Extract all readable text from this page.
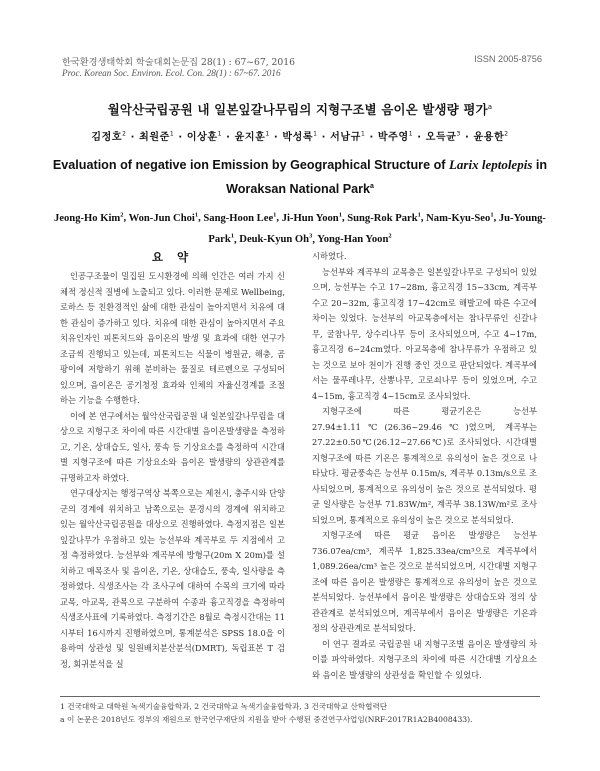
한국환경생태학회 학술대회논문집 28(1) : 67~67, 2016	ISSN 2005-8756
Proc. Korean Soc. Environ. Ecol. Con. 28(1) : 67~67. 2016
월악산국립공원 내 일본잎갈나무림의 지형구조별 음이온 발생량 평가$^a$
김정호$^2$ · 최원준$^1$ · 이상훈$^1$ · 윤지훈$^1$ · 박성록$^1$ · 서남규$^1$ · 박주영$^1$ · 오득균$^3$ · 윤용한$^2$
Evaluation of negative ion Emission by Geographical Structure of Larix leptolepis in Woraksan National Park$^a$
Jeong-Ho Kim$^2$, Won-Jun Choi$^1$, Sang-Hoon Lee$^1$, Ji-Hun Yoon$^1$, Sung-Rok Park$^1$, Nam-Kyu-Seo$^1$, Ju-Young-Park$^1$, Deuk-Kyun Oh$^3$, Yong-Han Yoon$^2$
요 약

인공구조물이 밀집된 도시환경에 의해 인간은 여러 가지 신체적 정신적 질병에 노출되고 있다. 이러한 문제로 Wellbeing, 로하스 등 친환경적인 삶에 대한 관심이 높아지면서 치유에 대한 관심이 증가하고 있다. 치유에 대한 관심이 높아지면서 주요 치유인자인 피톤치드와 음이온의 발생 및 효과에 대한 연구가 조금씩 진행되고 있는데, 피톤치드는 식물이 병원균, 해충, 곰팡이에 저항하기 위해 분비하는 물질로 테르펜으로 구성되어 있으며, 음이온은 공기청정 효과와 인체의 자율신경계를 조절하는 기능을 수행한다.

이에 본 연구에서는 월악산국립공원 내 일본잎갈나무림을 대상으로 지형구조 차이에 따른 시간대별 음이온발생량을 측정하고, 기온, 상대습도, 일사, 풍속 등 기상요소를 측정하여 시간대별 지형구조에 따른 기상요소와 음이온 발생량의 상관관계를 규명하고자 하였다.

연구대상지는 행정구역상 북쪽으로는 제천시, 충주시와 단양군의 경계에 위치하고 남쪽으로는 문경시의 경계에 위치하고 있는 월악산국립공원을 대상으로 진행하였다. 측정지점은 일본잎갈나무가 우점하고 있는 능선부와 계곡부로 두 지점에서 고정 측정하였다. 능선부와 계곡부에 방형구(20m X 20m)를 설치하고 매목조사 및 음이온, 기온, 상대습도, 풍속, 일사량을 측정하였다. 식생조사는 각 조사구에 대하여 수목의 크기에 따라 교목, 아교목, 관목으로 구분하여 수종과 흉고직경을 측정하여 식생조사표에 기록하였다. 측정기간은 8월로 측정시간대는 11시부터 16시까지 진행하였으며, 통계분석은 SPSS 18.0을 이용하여 상관성 및 일원배치분산분석(DMRT), 독립표본 T 검정, 회귀분석을 실

시하였다.

능선부와 계곡부의 교목층은 일본잎갈나무로 구성되어 있었으며, 능선부는 수고 17~28m, 흉고직경 15~33cm, 계곡부 수고 20~32m, 흉고직경 17~42cm로 해발고에 따른 수고에 차이는 있었다. 능선부의 아교목층에서는 참나무류인 신갈나무, 굴참나무, 상수리나무 등이 조사되었으며, 수고 4~17m, 흉고직경 6~24cm였다. 아교목층에 참나무류가 우점하고 있는 것으로 보아 천이가 진행 중인 것으로 판단되었다. 계곡부에서는 물푸레나무, 산뽕나무, 고로쇠나무 등이 있었으며, 수고 4~15m, 흉고직경 4~15cm로 조사되었다.

지형구조에 따른 평균기온은 능선부 27.94±1.11℃(26.36~29.46℃)였으며, 계곡부는 27.22±0.50℃(26.12~27.66℃)로 조사되었다. 시간대별 지형구조에 따른 기온은 통계적으로 유의성이 높은 것으로 나타났다. 평균풍속은 능선부 0.15m/s, 계곡부 0.13m/s으로 조사되었으며, 통계적으로 유의성이 높은 것으로 분석되었다. 평균 일사량은 능선부 71.83W/m², 계곡부 38.13W/m²로 조사되었으며, 통계적으로 유의성이 높은 것으로 분석되었다.

지형구조에 따른 평균 음이온 발생량은 능선부 736.07ea/cm³, 계곡부 1,825.33ea/cm³으로 계곡부에서 1,089.26ea/cm³ 높은 것으로 분석되었으며, 시간대별 지형구조에 따른 음이온 발생량은 통계적으로 유의성이 높은 것으로 분석되었다. 능선부에서 음이온 발생량은 상대습도와 정의 상관관계로 분석되었으며, 계곡부에서 음이온 발생량은 기온과 정의 상관관계로 분석되었다.

이 연구 결과로 국립공원 내 지형구조별 음이온 발생량의 차이를 파악하였다. 지형구조의 차이에 따른 시간대별 기상요소와 음이온 발생량의 상관성을 확인할 수 있었다.

1 건국대학교 대학원 녹색기술융합학과, 2 건국대학교 녹색기술융합학과, 3 건국대학교 산학협력단
a 이 논문은 2018년도 정부의 재원으로 한국연구재단의 지원을 받아 수행된 중견연구사업임(NRF-2017R1A2B4008433).
